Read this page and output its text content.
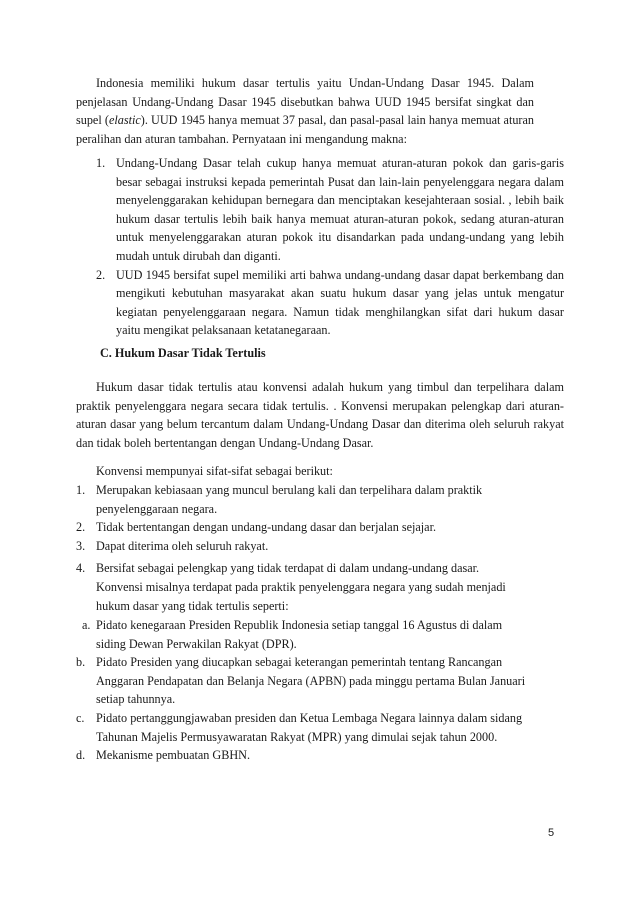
Indonesia memiliki hukum dasar tertulis yaitu Undan-Undang Dasar 1945. Dalam penjelasan Undang-Undang Dasar 1945 disebutkan bahwa UUD 1945 bersifat singkat dan supel (elastic). UUD 1945 hanya memuat 37 pasal, dan pasal-pasal lain hanya memuat aturan peralihan dan aturan tambahan. Pernyataan ini mengandung makna:

1. Undang-Undang Dasar telah cukup hanya memuat aturan-aturan pokok dan garis-garis besar sebagai instruksi kepada pemerintah Pusat dan lain-lain penyelenggara negara dalam menyelenggarakan kehidupan bernegara dan menciptakan kesejahteraan sosial. , lebih baik hukum dasar tertulis lebih baik hanya memuat aturan-aturan pokok, sedang aturan-aturan untuk menyelenggarakan aturan pokok itu disandarkan pada undang-undang yang lebih mudah untuk dirubah dan diganti.

2. UUD 1945 bersifat supel memiliki arti bahwa undang-undang dasar dapat berkembang dan mengikuti kebutuhan masyarakat akan suatu hukum dasar yang jelas untuk mengatur kegiatan penyelenggaraan negara. Namun tidak menghilangkan sifat dari hukum dasar yaitu mengikat pelaksanaan ketatanegaraan.

C. Hukum Dasar Tidak Tertulis

Hukum dasar tidak tertulis atau konvensi adalah hukum yang timbul dan terpelihara dalam praktik penyelenggara negara secara tidak tertulis. . Konvensi merupakan pelengkap dari aturan-aturan dasar yang belum tercantum dalam Undang-Undang Dasar dan diterima oleh seluruh rakyat dan tidak boleh bertentangan dengan Undang-Undang Dasar.

Konvensi mempunyai sifat-sifat sebagai berikut:
1. Merupakan kebiasaan yang muncul berulang kali dan terpelihara dalam praktik penyelenggaraan negara.

2. Tidak bertentangan dengan undang-undang dasar dan berjalan sejajar.

3. Dapat diterima oleh seluruh rakyat.

4. Bersifat sebagai pelengkap yang tidak terdapat di dalam undang-undang dasar.

Konvensi misalnya terdapat pada praktik penyelenggara negara yang sudah menjadi hukum dasar yang tidak tertulis seperti:

a. Pidato kenegaraan Presiden Republik Indonesia setiap tanggal 16 Agustus di dalam siding Dewan Perwakilan Rakyat (DPR).

b. Pidato Presiden yang diucapkan sebagai keterangan pemerintah tentang Rancangan Anggaran Pendapatan dan Belanja Negara (APBN) pada minggu pertama Bulan Januari setiap tahunnya.

c. Pidato pertanggungjawaban presiden dan Ketua Lembaga Negara lainnya dalam sidang Tahunan Majelis Permusyawaratan Rakyat (MPR) yang dimulai sejak tahun 2000.

d. Mekanisme pembuatan GBHN.

5
